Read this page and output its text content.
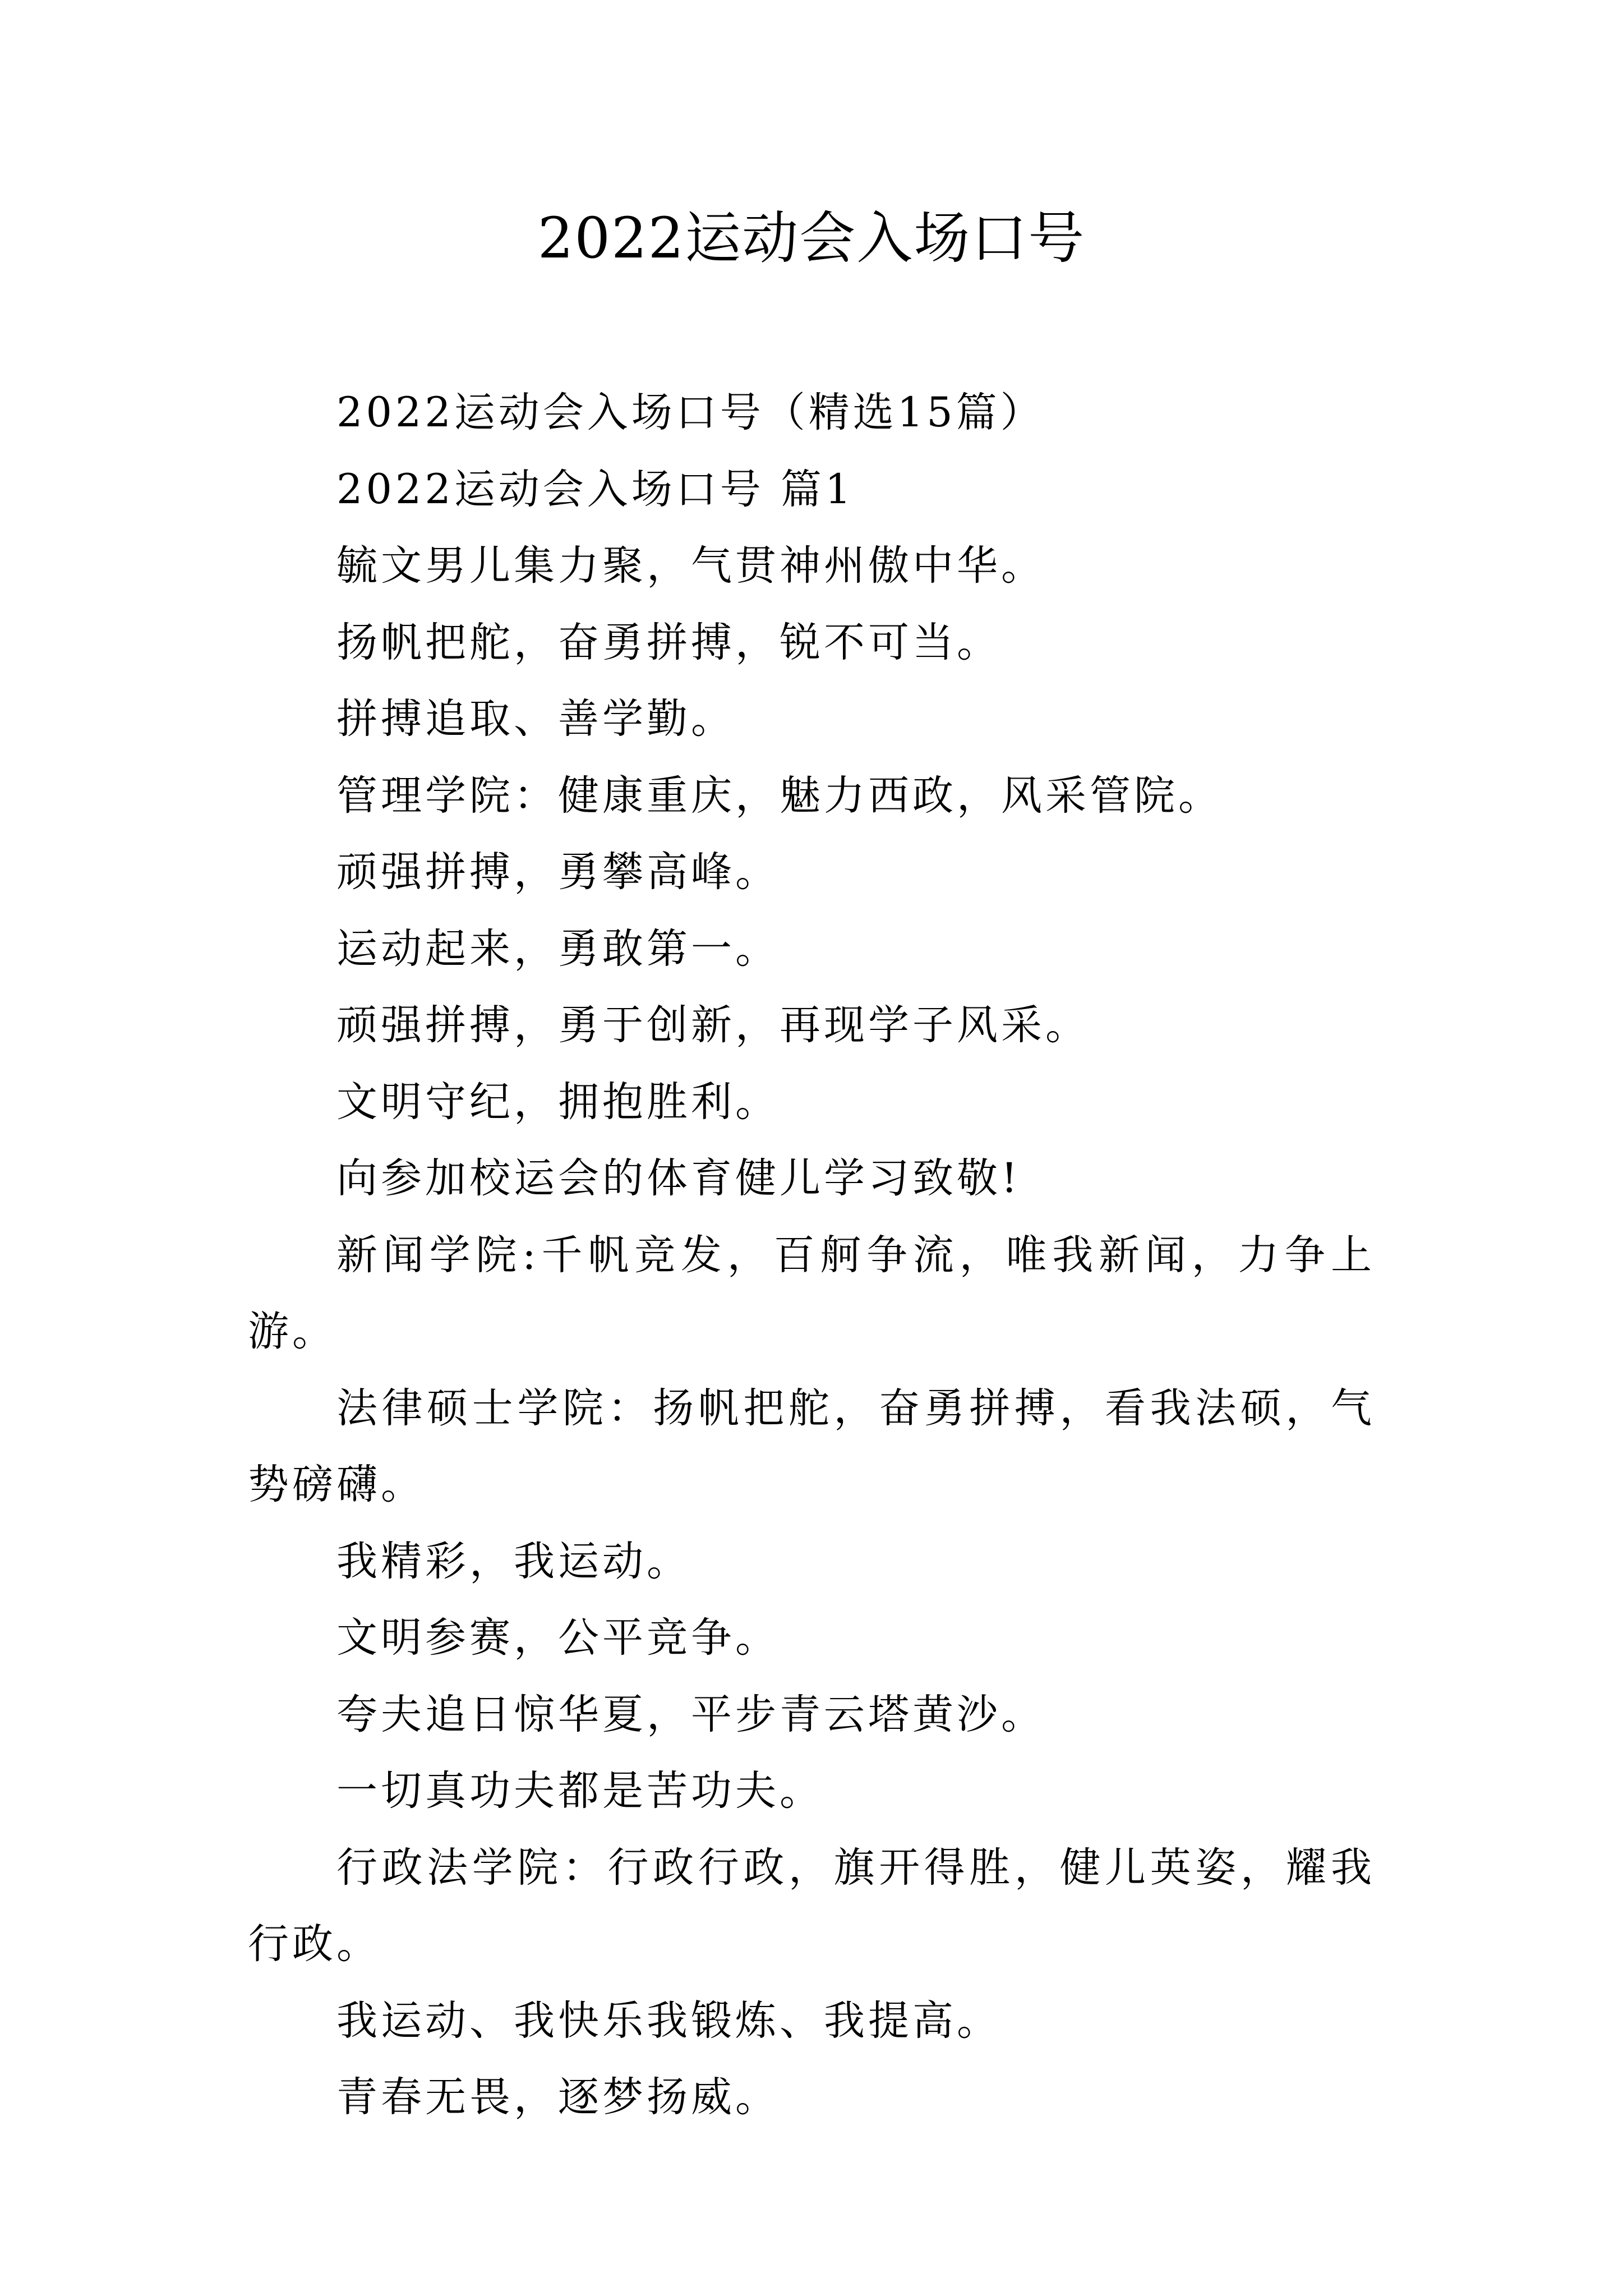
2022运动会入场口号

2022运动会入场口号（精选15篇）

2022运动会入场口号 篇1

毓文男儿集力聚，气贯神州傲中华。

扬帆把舵，奋勇拼搏，锐不可当。

拼搏追取、善学勤。

管理学院：健康重庆，魅力西政，风采管院。

顽强拼搏，勇攀高峰。

运动起来，勇敢第一。

顽强拼搏，勇于创新，再现学子风采。

文明守纪，拥抱胜利。

向参加校运会的体育健儿学习致敬!

新闻学院:千帆竞发，百舸争流，唯我新闻，力争上游。

法律硕士学院：扬帆把舵，奋勇拼搏，看我法硕，气势磅礴。

我精彩，我运动。

文明参赛，公平竞争。

夸夫追日惊华夏，平步青云塔黄沙。

一切真功夫都是苦功夫。

行政法学院：行政行政，旗开得胜，健儿英姿，耀我行政。

我运动、我快乐我锻炼、我提高。

青春无畏，逐梦扬威。
